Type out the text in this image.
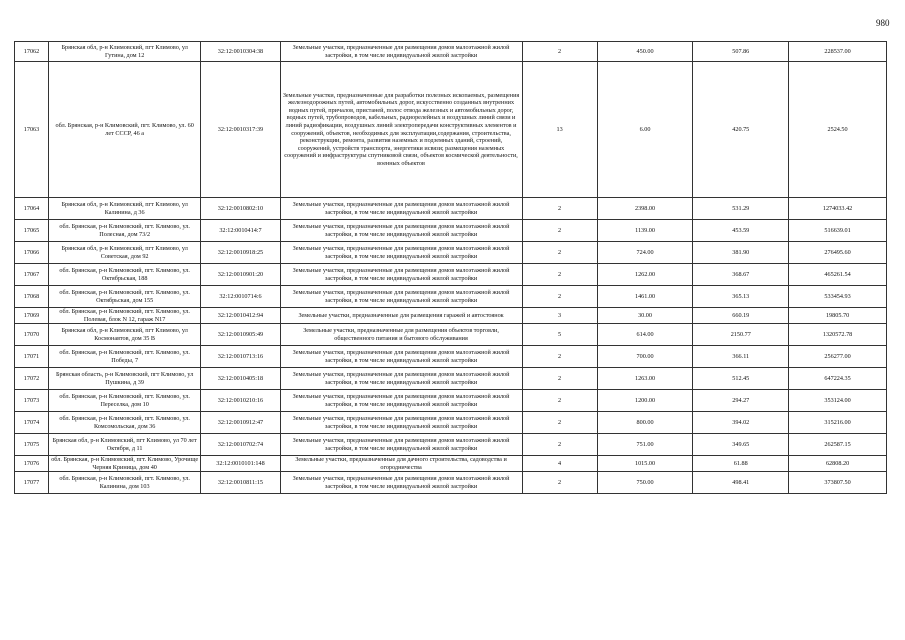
980
17062	Брянская обл, р-н Климовский, пгт Климово, ул Гутина, дом 12	32:12:0010304:38	Земельные участки, предназначенные для размещения домов малоэтажной жилой застройки, в том числе индивидуальной жилой застройки	2	450.00	507.86	228537.00
17063	обл. Брянская, р-н Климовский, пгт. Климово, ул. 60 лет СССР, 46 а	32:12:0010317:39	Земельные участки, предназначенные для разработки полезных ископаемых, размещения железнодорожных путей, автомобильных дорог, искусственно созданных внутренних водных путей, причалов, пристаней, полос отвода железных и автомобильных дорог, водных путей, трубопроводов, кабельных, радиорелейных и воздушных линий связи и линий радиофикации, воздушных линий электропередачи конструктивных элементов и сооружений, объектов, необходимых для эксплуатации,содержания, строительства, реконструкции, ремонта, развития наземных и подземных зданий, строений, сооружений, устройств транспорта, энергетики исвязи; размещения наземных сооружений и инфраструктуры спутниковой связи, объектов космической деятельности, военных объектов	13	6.00	420.75	2524.50
17064	Брянская обл, р-н Климовский, пгт Климово, ул Калинина, д 36	32:12:0010802:10	Земельные участки, предназначенные для размещения домов малоэтажной жилой застройки, в том числе индивидуальной жилой застройки	2	2398.00	531.29	1274033.42
17065	обл. Брянская, р-н Климовский, пгт. Климово, ул. Полесная, дом 73/2	32:12:0010414:7	Земельные участки, предназначенные для размещения домов малоэтажной жилой застройки, в том числе индивидуальной жилой застройки	2	1139.00	453.59	516639.01
17066	Брянская обл, р-н Климовский, пгт Климово, ул Советская, дом 92	32:12:0010918:25	Земельные участки, предназначенные для размещения домов малоэтажной жилой застройки, в том числе индивидуальной жилой застройки	2	724.00	381.90	276495.60
17067	обл. Брянская, р-н Климовский, пгт. Климово, ул. Октябрьская, 188	32:12:0010901:20	Земельные участки, предназначенные для размещения домов малоэтажной жилой застройки, в том числе индивидуальной жилой застройки	2	1262.00	368.67	465261.54
17068	обл. Брянская, р-н Климовский, пгт. Климово, ул. Октябрьская, дом 155	32:12:0010714:6	Земельные участки, предназначенные для размещения домов малоэтажной жилой застройки, в том числе индивидуальной жилой застройки	2	1461.00	365.13	533454.93
17069	обл. Брянская, р-н Климовский, пгт. Климово, ул. Полевая, блок N 12, гараж N17	32:12:0010412:94	Земельные участки, предназначенные для размещения гаражей и автостоянок	3	30.00	660.19	19805.70
17070	Брянская обл, р-н Климовский, пгт Климово, ул Космонавтов, дом 35 В	32:12:0010905:49	Земельные участки, предназначенные для размещения объектов торговли, общественного питания и бытового обслуживания	5	614.00	2150.77	1320572.78
17071	обл. Брянская, р-н Климовский, пгт. Климово, ул. Победы, 7	32:12:0010713:16	Земельные участки, предназначенные для размещения домов малоэтажной жилой застройки, в том числе индивидуальной жилой застройки	2	700.00	366.11	256277.00
17072	Брянская область, р-н Климовский, пгт Климово, ул Пушкина, д 39	32:12:0010405:18	Земельные участки, предназначенные для размещения домов малоэтажной жилой застройки, в том числе индивидуальной жилой застройки	2	1263.00	512.45	647224.35
17073	обл. Брянская, р-н Климовский, пгт. Климово, ул. Переселка, дом 10	32:12:0010210:16	Земельные участки, предназначенные для размещения домов малоэтажной жилой застройки, в том числе индивидуальной жилой застройки	2	1200.00	294.27	353124.00
17074	обл. Брянская, р-н Климовский, пгт. Климово, ул. Комсомольская, дом 36	32:12:0010912:47	Земельные участки, предназначенные для размещения домов малоэтажной жилой застройки, в том числе индивидуальной жилой застройки	2	800.00	394.02	315216.00
17075	Брянская обл, р-н Климовский, пгт Климово, ул 70 лет Октября, д 11	32:12:0010702:74	Земельные участки, предназначенные для размещения домов малоэтажной жилой застройки, в том числе индивидуальной жилой застройки	2	751.00	349.65	262587.15
17076	обл. Брянская, р-н Климовский, пгт. Климово, Урочище Черняя Криница, дом 40	32:12:0010101:148	Земельные участки, предназначенные для дачного строительства, садоводства и огородничества	4	1015.00	61.88	62808.20
17077	обл. Брянская, р-н Климовский, пгт. Климово, ул. Калинина, дом 103	32:12:0010811:15	Земельные участки, предназначенные для размещения домов малоэтажной жилой застройки, в том числе индивидуальной жилой застройки	2	750.00	498.41	373807.50
